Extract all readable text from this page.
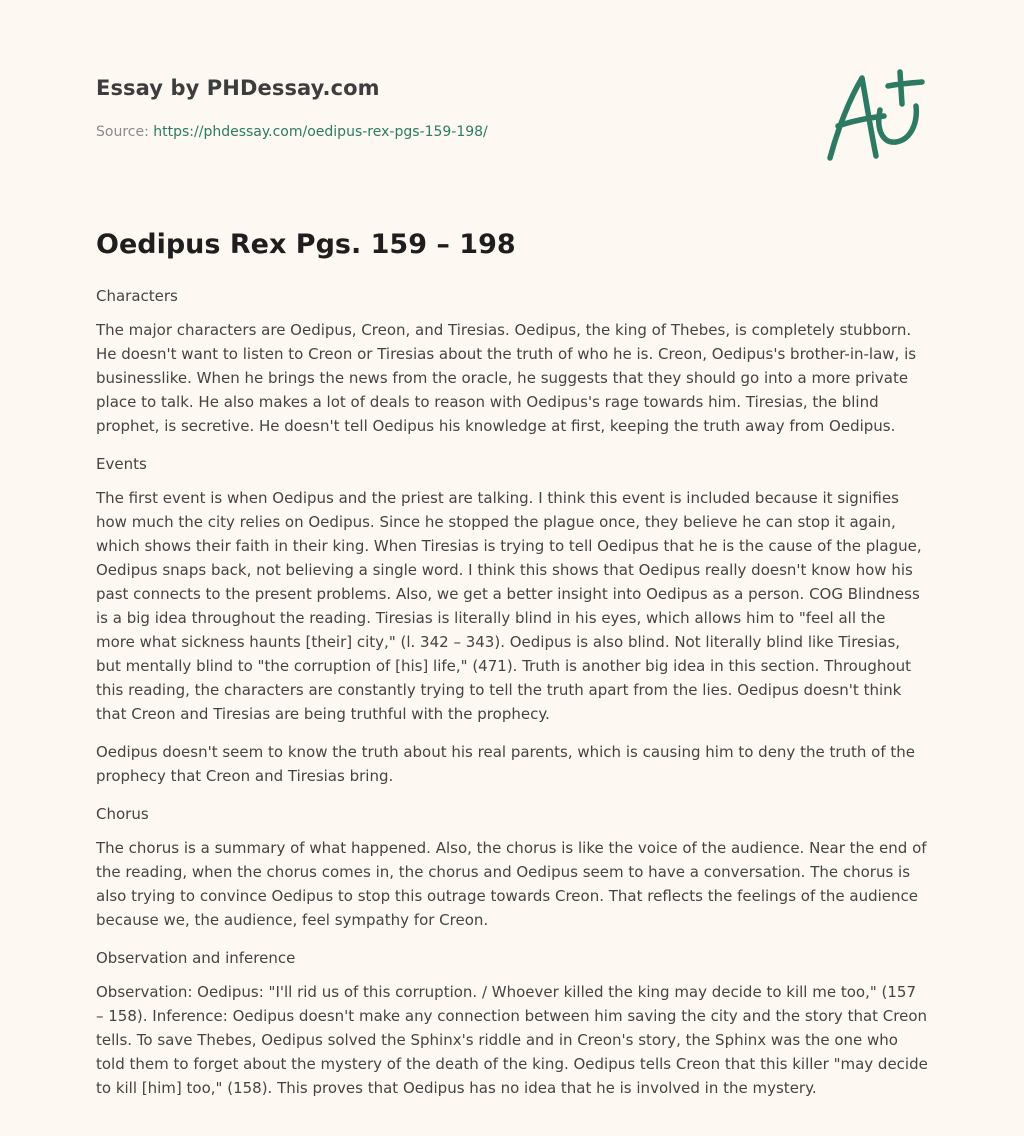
Essay by PHDessay.com
Source: https://phdessay.com/oedipus-rex-pgs-159-198/
Oedipus Rex Pgs. 159 – 198

Characters

The major characters are Oedipus, Creon, and Tiresias. Oedipus, the king of Thebes, is completely stubborn. He doesn't want to listen to Creon or Tiresias about the truth of who he is. Creon, Oedipus's brother-in-law, is businesslike. When he brings the news from the oracle, he suggests that they should go into a more private place to talk. He also makes a lot of deals to reason with Oedipus's rage towards him. Tiresias, the blind prophet, is secretive. He doesn't tell Oedipus his knowledge at first, keeping the truth away from Oedipus.

Events

The first event is when Oedipus and the priest are talking. I think this event is included because it signifies how much the city relies on Oedipus. Since he stopped the plague once, they believe he can stop it again, which shows their faith in their king. When Tiresias is trying to tell Oedipus that he is the cause of the plague, Oedipus snaps back, not believing a single word. I think this shows that Oedipus really doesn't know how his past connects to the present problems. Also, we get a better insight into Oedipus as a person. COG Blindness is a big idea throughout the reading. Tiresias is literally blind in his eyes, which allows him to "feel all the more what sickness haunts [their] city," (l. 342 – 343). Oedipus is also blind. Not literally blind like Tiresias, but mentally blind to "the corruption of [his] life," (471). Truth is another big idea in this section. Throughout this reading, the characters are constantly trying to tell the truth apart from the lies. Oedipus doesn't think that Creon and Tiresias are being truthful with the prophecy.

Oedipus doesn't seem to know the truth about his real parents, which is causing him to deny the truth of the prophecy that Creon and Tiresias bring.

Chorus

The chorus is a summary of what happened. Also, the chorus is like the voice of the audience. Near the end of the reading, when the chorus comes in, the chorus and Oedipus seem to have a conversation. The chorus is also trying to convince Oedipus to stop this outrage towards Creon. That reflects the feelings of the audience because we, the audience, feel sympathy for Creon.

Observation and inference

Observation: Oedipus: "I'll rid us of this corruption. / Whoever killed the king may decide to kill me too," (157 – 158). Inference: Oedipus doesn't make any connection between him saving the city and the story that Creon tells. To save Thebes, Oedipus solved the Sphinx's riddle and in Creon's story, the Sphinx was the one who told them to forget about the mystery of the death of the king. Oedipus tells Creon that this killer "may decide to kill [him] too," (158). This proves that Oedipus has no idea that he is involved in the mystery.
